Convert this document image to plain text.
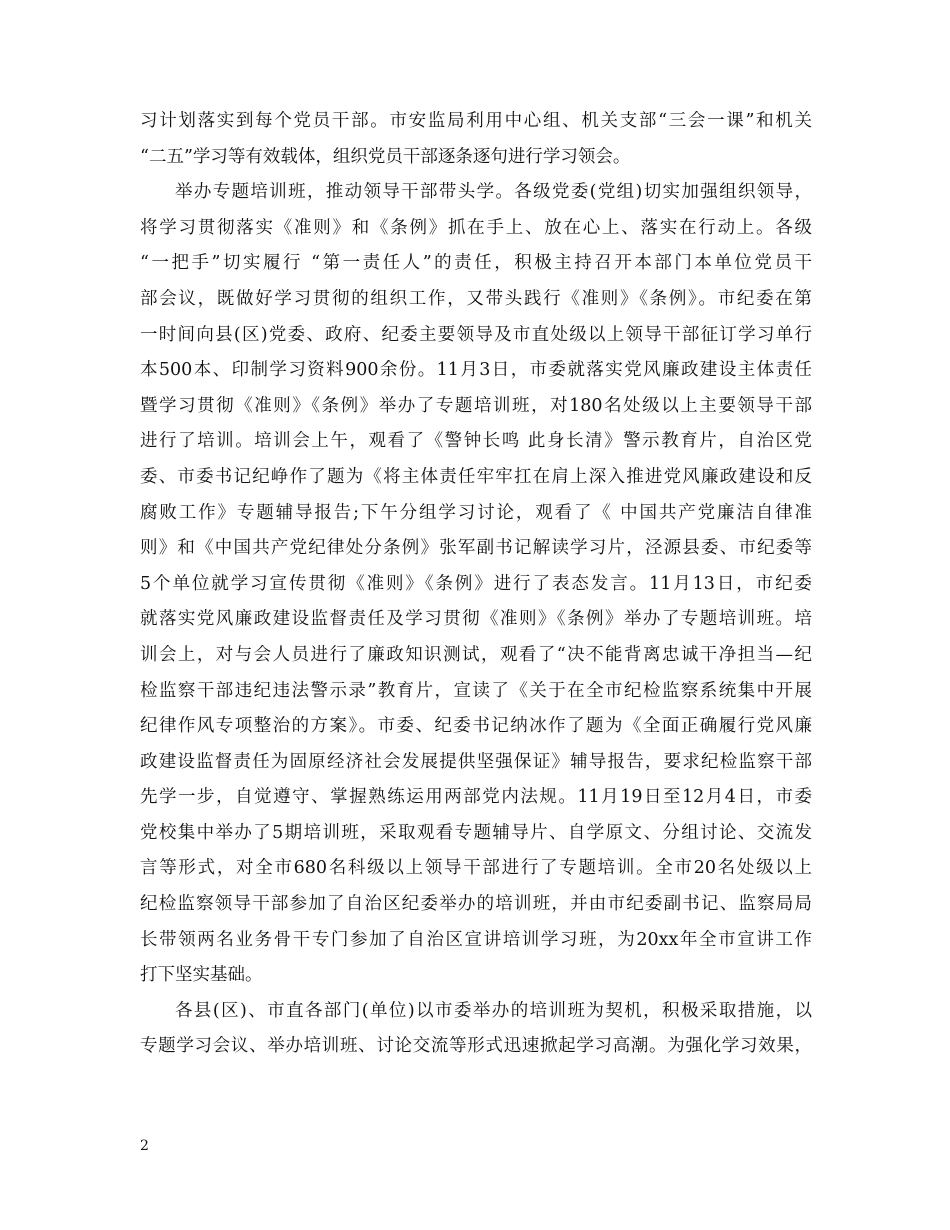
习计划落实到每个党员干部。市安监局利用中心组、机关支部“三会一课”和机关
“二五”学习等有效载体，组织党员干部逐条逐句进行学习领会。
举办专题培训班，推动领导干部带头学。各级党委(党组)切实加强组织领导，
将学习贯彻落实《准则》和《条例》抓在手上、放在心上、落实在行动上。各级
“一把手”切实履行 “第一责任人”的责任，积极主持召开本部门本单位党员干
部会议，既做好学习贯彻的组织工作，又带头践行《准则》《条例》。市纪委在第
一时间向县(区)党委、政府、纪委主要领导及市直处级以上领导干部征订学习单行
本500本、印制学习资料900余份。11月3日，市委就落实党风廉政建设主体责任
暨学习贯彻《准则》《条例》举办了专题培训班，对180名处级以上主要领导干部
进行了培训。培训会上午，观看了《警钟长鸣 此身长清》警示教育片，自治区党
委、市委书记纪峥作了题为《将主体责任牢牢扛在肩上深入推进党风廉政建设和反
腐败工作》专题辅导报告;下午分组学习讨论，观看了《 中国共产党廉洁自律准
则》和《中国共产党纪律处分条例》张军副书记解读学习片，泾源县委、市纪委等
5个单位就学习宣传贯彻《准则》《条例》进行了表态发言。11月13日，市纪委
就落实党风廉政建设监督责任及学习贯彻《准则》《条例》举办了专题培训班。培
训会上，对与会人员进行了廉政知识测试，观看了“决不能背离忠诚干净担当—纪
检监察干部违纪违法警示录”教育片，宣读了《关于在全市纪检监察系统集中开展
纪律作风专项整治的方案》。市委、纪委书记纳冰作了题为《全面正确履行党风廉
政建设监督责任为固原经济社会发展提供坚强保证》辅导报告，要求纪检监察干部
先学一步，自觉遵守、掌握熟练运用两部党内法规。11月19日至12月4日，市委
党校集中举办了5期培训班，采取观看专题辅导片、自学原文、分组讨论、交流发
言等形式，对全市680名科级以上领导干部进行了专题培训。全市20名处级以上
纪检监察领导干部参加了自治区纪委举办的培训班，并由市纪委副书记、监察局局
长带领两名业务骨干专门参加了自治区宣讲培训学习班，为20xx年全市宣讲工作
打下坚实基础。
各县(区)、市直各部门(单位)以市委举办的培训班为契机，积极采取措施，以
专题学习会议、举办培训班、讨论交流等形式迅速掀起学习高潮。为强化学习效果，
2
